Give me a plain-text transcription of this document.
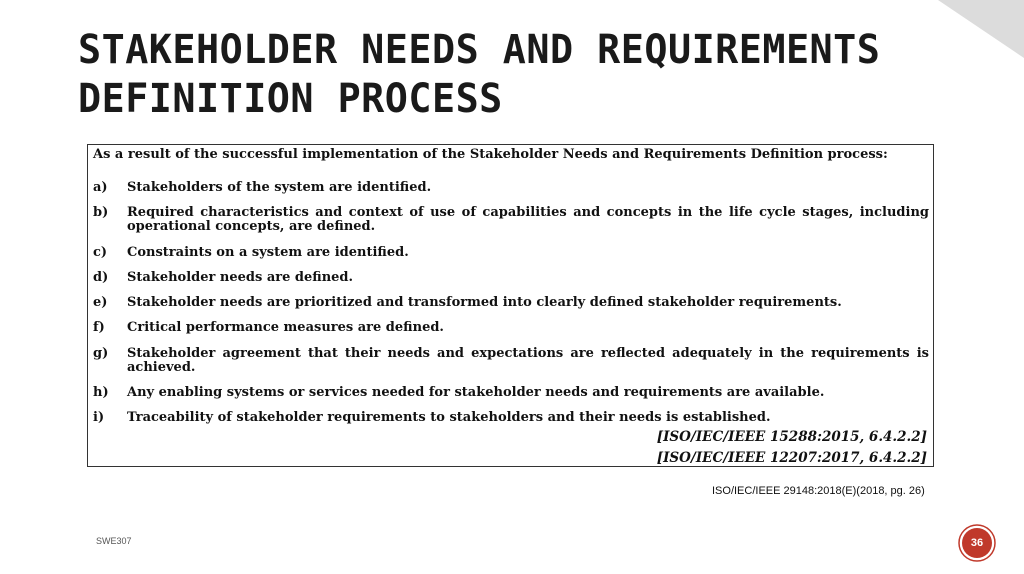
STAKEHOLDER NEEDS AND REQUIREMENTS
DEFINITION PROCESS
As a result of the successful implementation of the Stakeholder Needs and Requirements Definition process:
a) Stakeholders of the system are identified.
b) Required characteristics and context of use of capabilities and concepts in the life cycle stages, including operational concepts, are defined.
c) Constraints on a system are identified.
d) Stakeholder needs are defined.
e) Stakeholder needs are prioritized and transformed into clearly defined stakeholder requirements.
f) Critical performance measures are defined.
g) Stakeholder agreement that their needs and expectations are reflected adequately in the requirements is achieved.
h) Any enabling systems or services needed for stakeholder needs and requirements are available.
i) Traceability of stakeholder requirements to stakeholders and their needs is established.
[ISO/IEC/IEEE 15288:2015, 6.4.2.2]
[ISO/IEC/IEEE 12207:2017, 6.4.2.2]
ISO/IEC/IEEE 29148:2018(E)(2018, pg. 26)
SWE307	36
